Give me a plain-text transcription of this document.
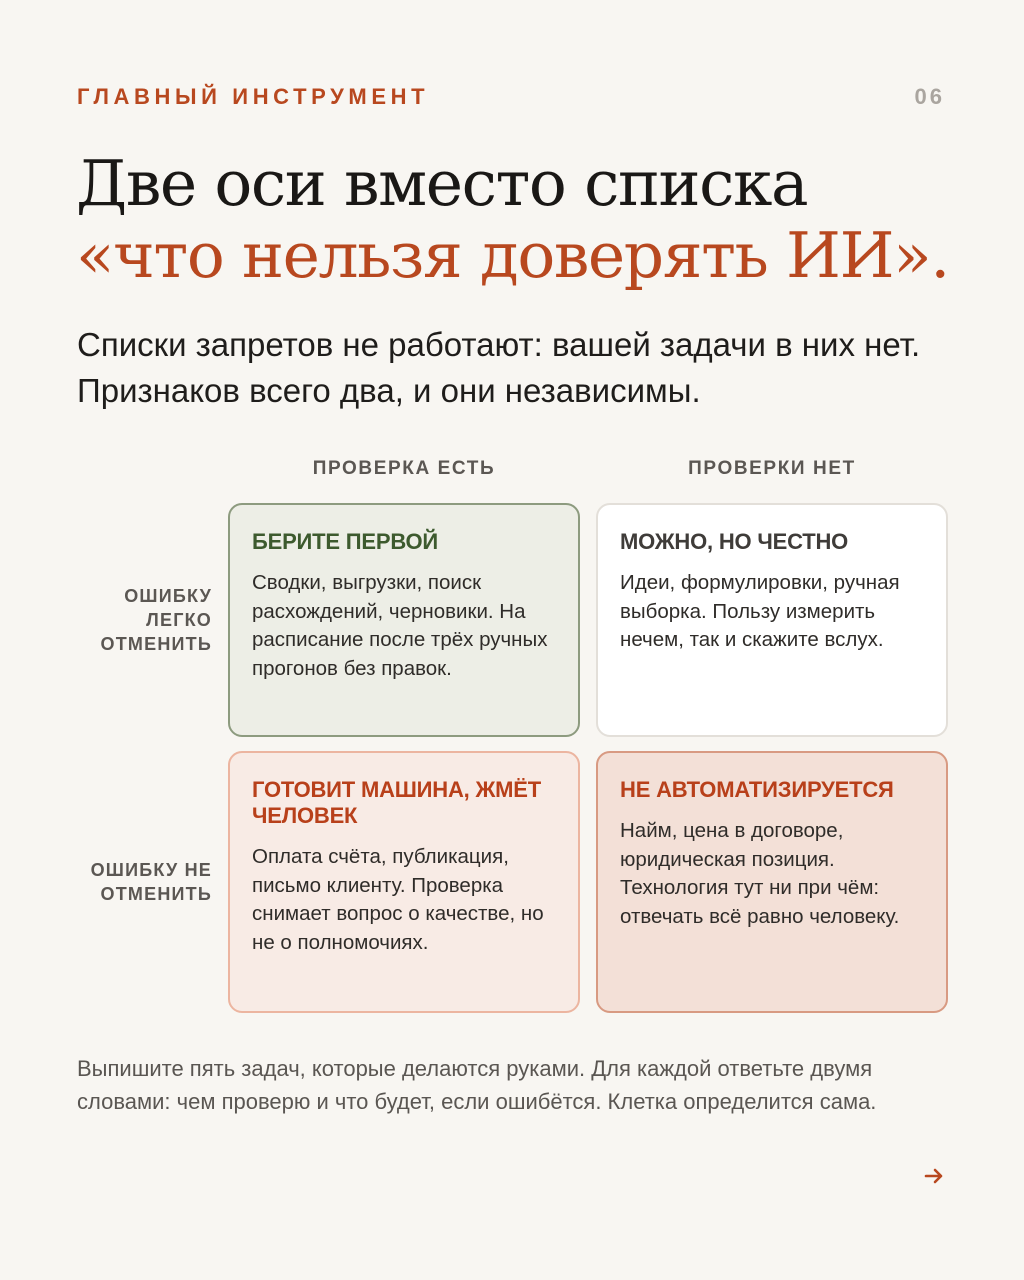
ГЛАВНЫЙ ИНСТРУМЕНТ	06
Две оси вместо списка «что нельзя доверять ИИ».

Списки запретов не работают: вашей задачи в них нет. Признаков всего два, и они независимы.

ПРОВЕРКА ЕСТЬ	ПРОВЕРКИ НЕТ
ОШИБКУ ЛЕГКО ОТМЕНИТЬ
ОШИБКУ НЕ ОТМЕНИТЬ
БЕРИТЕ ПЕРВОЙ

Сводки, выгрузки, поиск расхождений, черновики. На расписание после трёх ручных прогонов без правок.

МОЖНО, НО ЧЕСТНО

Идеи, формулировки, ручная выборка. Пользу измерить нечем, так и скажите вслух.

ГОТОВИТ МАШИНА, ЖМЁТ ЧЕЛОВЕК

Оплата счёта, публикация, письмо клиенту. Проверка снимает вопрос о качестве, но не о полномочиях.

НЕ АВТОМАТИЗИРУЕТСЯ

Найм, цена в договоре, юридическая позиция. Технология тут ни при чём: отвечать всё равно человеку.

Выпишите пять задач, которые делаются руками. Для каждой ответьте двумя словами: чем проверю и что будет, если ошибётся. Клетка определится сама.
